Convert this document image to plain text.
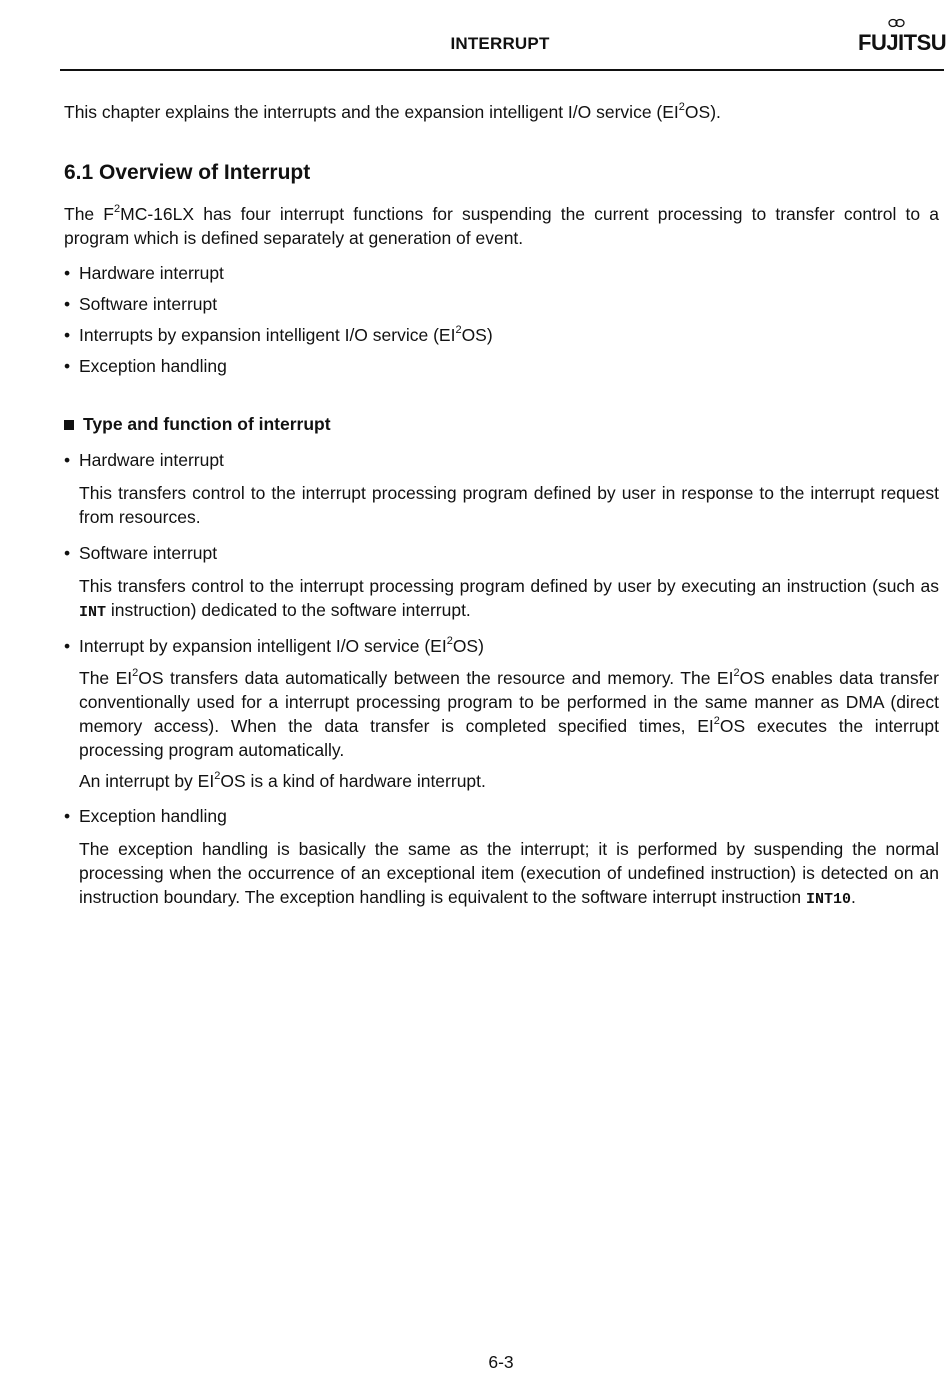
INTERRUPT	FUJITSU
This chapter explains the interrupts and the expansion intelligent I/O service $(EI^2OS)$.
6.1 Overview of Interrupt
The $F^2MC-16LX$ has four interrupt functions for suspending the current processing to transfer control to a program which is defined separately at generation of event.
• Hardware interrupt
• Software interrupt
• Interrupts by expansion intelligent I/O service $(EI^2OS)$
• Exception handling
Type and function of interrupt
• Hardware interrupt
This transfers control to the interrupt processing program defined by user in response to the interrupt request from resources.
• Software interrupt
This transfers control to the interrupt processing program defined by user by executing an instruction (such as INT instruction) dedicated to the software interrupt.
• Interrupt by expansion intelligent I/O service $(EI^2OS)$
The $EI^2OS$ transfers data automatically between the resource and memory. The $EI^2OS$ enables data transfer conventionally used for a interrupt processing program to be performed in the same manner as DMA (direct memory access). When the data transfer is completed specified times, $EI^2OS$ executes the interrupt processing program automatically.
An interrupt by $EI^2OS$ is a kind of hardware interrupt.
• Exception handling
The exception handling is basically the same as the interrupt; it is performed by suspending the normal processing when the occurrence of an exceptional item (execution of undefined instruction) is detected on an instruction boundary. The exception handling is equivalent to the software interrupt instruction INT10.
6-3
